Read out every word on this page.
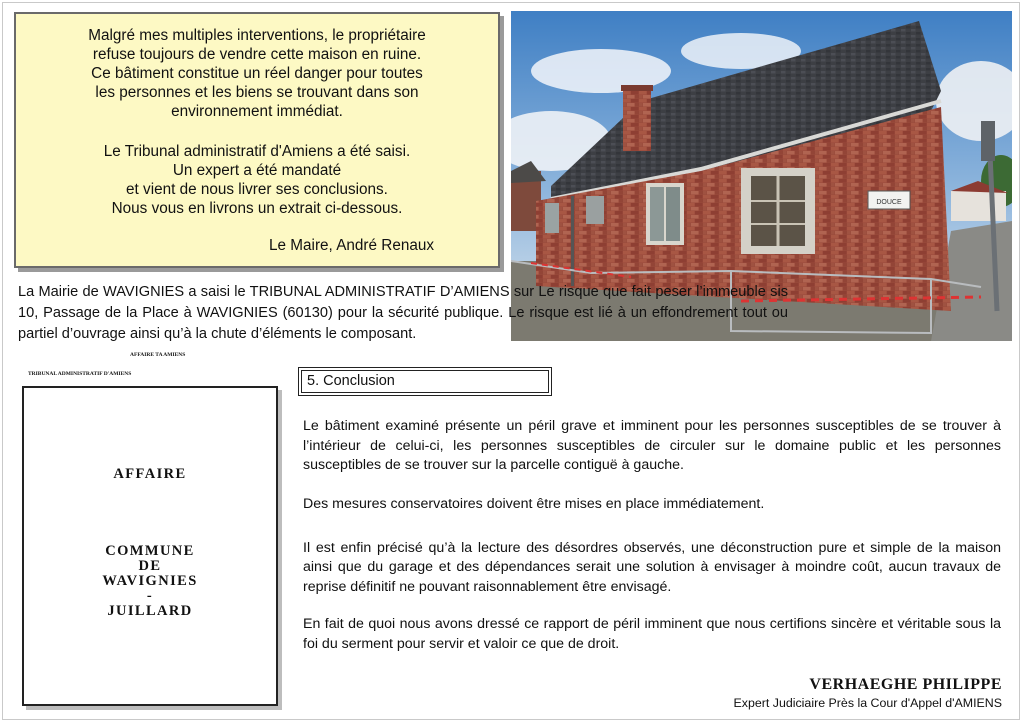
Malgré mes multiples interventions, le propriétaire

refuse toujours de vendre cette maison en ruine.

Ce bâtiment constitue un réel danger pour toutes

les personnes et les biens se trouvant dans son

environnement immédiat.

Le Tribunal administratif d'Amiens a été saisi.

Un expert a été mandaté

et vient de nous livrer ses conclusions.

Nous vous en livrons un extrait ci-dessous.

Le Maire, André Renaux
DOUCE
La Mairie de WAVIGNIES a saisi le TRIBUNAL ADMINISTRATIF D’AMIENS sur Le risque que fait peser l’immeuble sis 10, Passage de la Place à WAVIGNIES (60130) pour la sécurité publique. Le risque est lié à un effondrement tout ou partiel d’ouvrage ainsi qu’à la chute d’éléments le composant.
AFFAIRE TA AMIENS
TRIBUNAL ADMINISTRATIF D'AMIENS
AFFAIRE
COMMUNE
DE
WAVIGNIES
-
JUILLARD
5. Conclusion

Le bâtiment examiné présente un péril grave et imminent pour les personnes susceptibles de se trouver à l’intérieur de celui-ci, les personnes susceptibles de circuler sur le domaine public et les personnes susceptibles de se trouver sur la parcelle contiguë à gauche.

Des mesures conservatoires doivent être mises en place immédiatement.

Il est enfin précisé qu’à la lecture des désordres observés, une déconstruction pure et simple de la maison ainsi que du garage et des dépendances serait une solution à envisager à moindre coût, aucun travaux de reprise définitif ne pouvant raisonnablement être envisagé.

En fait de quoi nous avons dressé ce rapport de péril imminent que nous certifions sincère et véritable sous la foi du serment pour servir et valoir ce que de droit.

VERHAEGHE PHILIPPE
Expert Judiciaire Près la Cour d'Appel d'AMIENS
